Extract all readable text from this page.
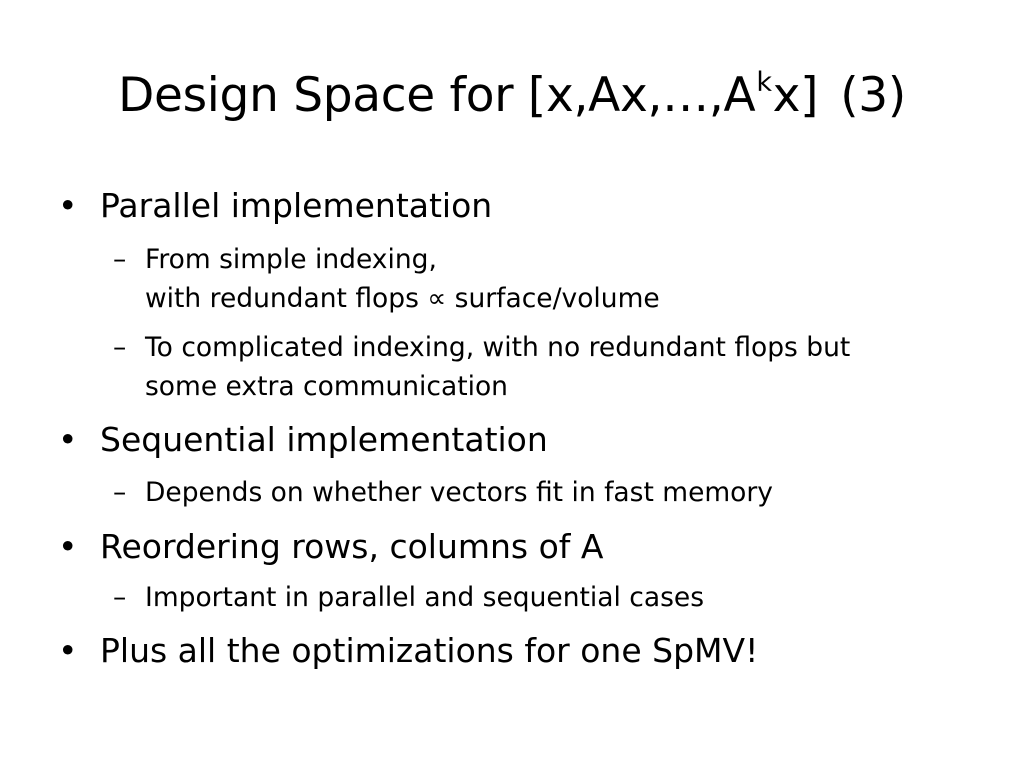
Design Space for $[x,Ax,\dots,A^kx]$ (3)
• Parallel implementation
– From simple indexing,
with redundant flops ∝ surface/volume
– To complicated indexing, with no redundant flops but
some extra communication
• Sequential implementation
– Depends on whether vectors fit in fast memory
• Reordering rows, columns of A
– Important in parallel and sequential cases
• Plus all the optimizations for one SpMV!
